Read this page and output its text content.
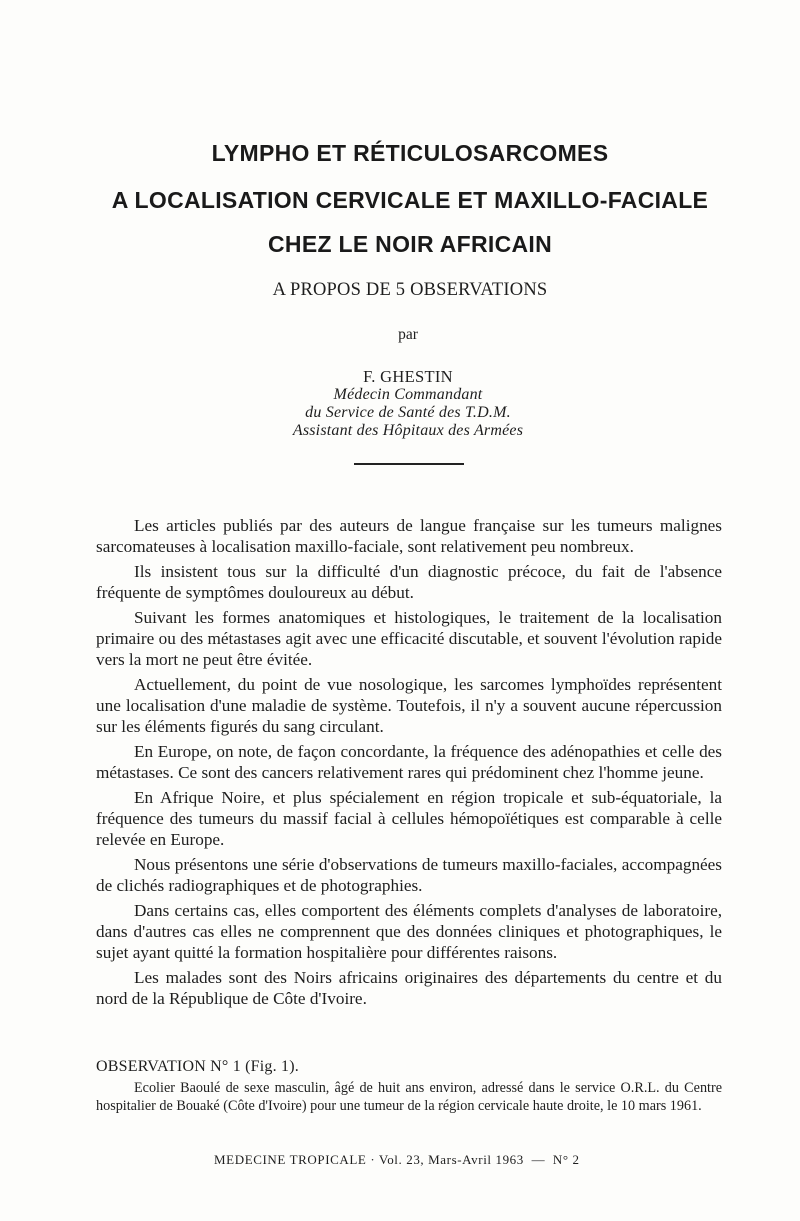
LYMPHO ET RÉTICULOSARCOMES
A LOCALISATION CERVICALE ET MAXILLO-FACIALE
CHEZ LE NOIR AFRICAIN
A PROPOS DE 5 OBSERVATIONS
par
F. GHESTIN
Médecin Commandant
du Service de Santé des T.D.M.
Assistant des Hôpitaux des Armées

Les articles publiés par des auteurs de langue française sur les tumeurs malignes sarcomateuses à localisation maxillo-faciale, sont relativement peu nombreux.

Ils insistent tous sur la difficulté d'un diagnostic précoce, du fait de l'absence fréquente de symptômes douloureux au début.

Suivant les formes anatomiques et histologiques, le traitement de la localisation primaire ou des métastases agit avec une efficacité discutable, et souvent l'évolution rapide vers la mort ne peut être évitée.

Actuellement, du point de vue nosologique, les sarcomes lymphoïdes représentent une localisation d'une maladie de système. Toutefois, il n'y a souvent aucune répercussion sur les éléments figurés du sang circulant.

En Europe, on note, de façon concordante, la fréquence des adénopathies et celle des métastases. Ce sont des cancers relativement rares qui prédominent chez l'homme jeune.

En Afrique Noire, et plus spécialement en région tropicale et sub-équatoriale, la fréquence des tumeurs du massif facial à cellules hémopoïétiques est comparable à celle relevée en Europe.

Nous présentons une série d'observations de tumeurs maxillo-faciales, accompagnées de clichés radiographiques et de photographies.

Dans certains cas, elles comportent des éléments complets d'analyses de laboratoire, dans d'autres cas elles ne comprennent que des données cliniques et photographiques, le sujet ayant quitté la formation hospitalière pour différentes raisons.

Les malades sont des Noirs africains originaires des départements du centre et du nord de la République de Côte d'Ivoire.

OBSERVATION N° 1 (Fig. 1).

Ecolier Baoulé de sexe masculin, âgé de huit ans environ, adressé dans le service O.R.L. du Centre hospitalier de Bouaké (Côte d'Ivoire) pour une tumeur de la région cervicale haute droite, le 10 mars 1961.

MEDECINE TROPICALE · Vol. 23, Mars-Avril 1963  —  N° 2
